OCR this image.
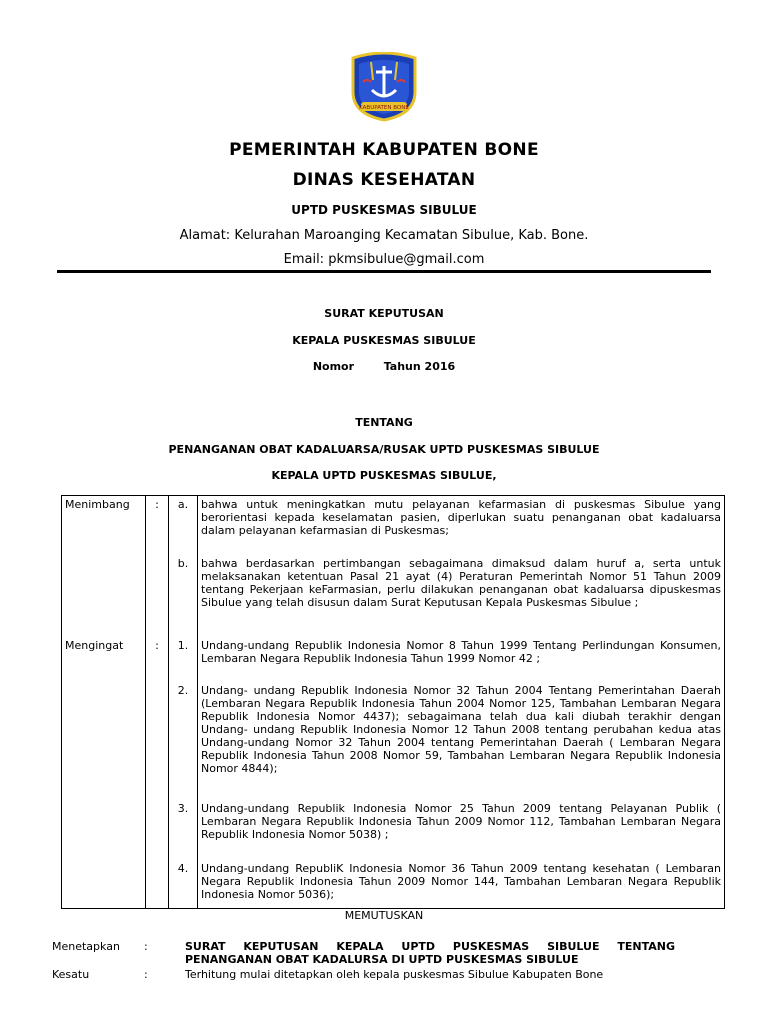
KABUPATEN BONE
PEMERINTAH KABUPATEN BONE
DINAS KESEHATAN
UPTD PUSKESMAS SIBULUE
Alamat: Kelurahan Maroanging Kecamatan Sibulue, Kab. Bone.
Email: pkmsibulue@gmail.com
SURAT KEPUTUSAN
KEPALA PUSKESMAS SIBULUE
Nomor	Tahun 2016
TENTANG
PENANGANAN OBAT KADALUARSA/RUSAK UPTD PUSKESMAS SIBULUE
KEPALA UPTD PUSKESMAS SIBULUE,
Menimbang	:	a.	bahwa untuk meningkatkan mutu pelayanan kefarmasian di puskesmas Sibulue yang berorientasi kepada keselamatan pasien, diperlukan suatu penanganan obat kadaluarsa dalam pelayanan kefarmasian di Puskesmas;
		b.	bahwa berdasarkan pertimbangan sebagaimana dimaksud dalam huruf a, serta untuk melaksanakan ketentuan Pasal 21 ayat (4) Peraturan Pemerintah Nomor 51 Tahun 2009 tentang Pekerjaan keFarmasian, perlu dilakukan penanganan obat kadaluarsa dipuskesmas Sibulue yang telah disusun dalam Surat Keputusan Kepala Puskesmas Sibulue ;
Mengingat	:	1.	Undang-undang Republik Indonesia Nomor 8 Tahun 1999 Tentang Perlindungan Konsumen, Lembaran Negara Republik Indonesia Tahun 1999 Nomor 42 ;
		2.	Undang- undang Republik Indonesia Nomor 32 Tahun 2004 Tentang Pemerintahan Daerah (Lembaran Negara Republik Indonesia Tahun 2004 Nomor 125, Tambahan Lembaran Negara Republik Indonesia Nomor 4437); sebagaimana telah dua kali diubah terakhir dengan Undang- undang Republik Indonesia Nomor 12 Tahun 2008 tentang perubahan kedua atas Undang-undang Nomor 32 Tahun 2004 tentang Pemerintahan Daerah ( Lembaran Negara Republik Indonesia Tahun 2008 Nomor 59, Tambahan Lembaran Negara Republik Indonesia Nomor 4844);
		3.	Undang-undang Republik Indonesia Nomor 25 Tahun 2009 tentang Pelayanan Publik ( Lembaran Negara Republik Indonesia Tahun 2009 Nomor 112, Tambahan Lembaran Negara Republik Indonesia Nomor 5038) ;
		4.	Undang-undang RepubliK Indonesia Nomor 36 Tahun 2009 tentang kesehatan ( Lembaran Negara Republik Indonesia Tahun 2009 Nomor 144, Tambahan Lembaran Negara Republik Indonesia Nomor 5036);
MEMUTUSKAN
Menetapkan :	SURAT KEPUTUSAN KEPALA UPTD PUSKESMAS SIBULUE TENTANG PENANGANAN OBAT KADALURSA DI UPTD PUSKESMAS SIBULUE
Kesatu	:	Terhitung mulai ditetapkan oleh kepala puskesmas Sibulue Kabupaten Bone
